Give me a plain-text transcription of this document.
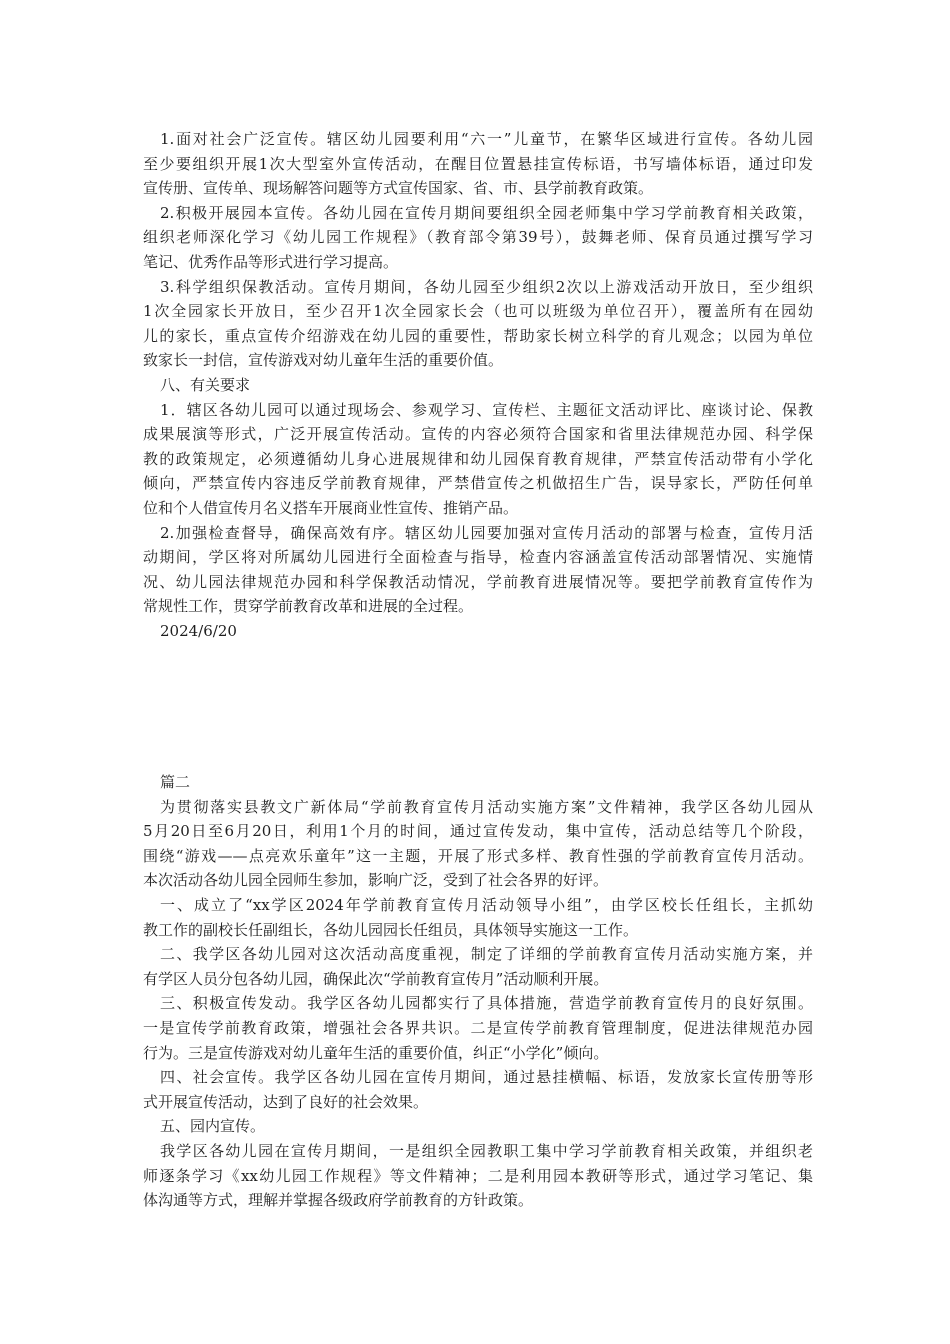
1.面对社会广泛宣传。辖区幼儿园要利用“六一”儿童节，在繁华区域进行宣传。各幼儿园
至少要组织开展1次大型室外宣传活动，在醒目位置悬挂宣传标语，书写墙体标语，通过印发
宣传册、宣传单、现场解答问题等方式宣传国家、省、市、县学前教育政策。
2.积极开展园本宣传。各幼儿园在宣传月期间要组织全园老师集中学习学前教育相关政策，
组织老师深化学习《幼儿园工作规程》（教育部令第39号），鼓舞老师、保育员通过撰写学习
笔记、优秀作品等形式进行学习提高。
3.科学组织保教活动。宣传月期间，各幼儿园至少组织2次以上游戏活动开放日，至少组织
1次全园家长开放日，至少召开1次全园家长会（也可以班级为单位召开），覆盖所有在园幼
儿的家长，重点宣传介绍游戏在幼儿园的重要性，帮助家长树立科学的育儿观念；以园为单位
致家长一封信，宣传游戏对幼儿童年生活的重要价值。
八、有关要求
1．辖区各幼儿园可以通过现场会、参观学习、宣传栏、主题征文活动评比、座谈讨论、保教
成果展演等形式，广泛开展宣传活动。宣传的内容必须符合国家和省里法律规范办园、科学保
教的政策规定，必须遵循幼儿身心进展规律和幼儿园保育教育规律，严禁宣传活动带有小学化
倾向，严禁宣传内容违反学前教育规律，严禁借宣传之机做招生广告，误导家长，严防任何单
位和个人借宣传月名义搭车开展商业性宣传、推销产品。
2.加强检查督导，确保高效有序。辖区幼儿园要加强对宣传月活动的部署与检查，宣传月活
动期间，学区将对所属幼儿园进行全面检查与指导，检查内容涵盖宣传活动部署情况、实施情
况、幼儿园法律规范办园和科学保教活动情况，学前教育进展情况等。要把学前教育宣传作为
常规性工作，贯穿学前教育改革和进展的全过程。
2024/6/20
篇二
为贯彻落实县教文广新体局“学前教育宣传月活动实施方案”文件精神，我学区各幼儿园从
5月20日至6月20日，利用1个月的时间，通过宣传发动，集中宣传，活动总结等几个阶段，
围绕“游戏——点亮欢乐童年”这一主题，开展了形式多样、教育性强的学前教育宣传月活动。
本次活动各幼儿园全园师生参加，影响广泛，受到了社会各界的好评。
一、成立了“xx学区2024年学前教育宣传月活动领导小组”，由学区校长任组长，主抓幼
教工作的副校长任副组长，各幼儿园园长任组员，具体领导实施这一工作。
二、我学区各幼儿园对这次活动高度重视，制定了详细的学前教育宣传月活动实施方案，并
有学区人员分包各幼儿园，确保此次“学前教育宣传月”活动顺利开展。
三、积极宣传发动。我学区各幼儿园都实行了具体措施，营造学前教育宣传月的良好氛围。
一是宣传学前教育政策，增强社会各界共识。二是宣传学前教育管理制度，促进法律规范办园
行为。三是宣传游戏对幼儿童年生活的重要价值，纠正“小学化”倾向。
四、社会宣传。我学区各幼儿园在宣传月期间，通过悬挂横幅、标语，发放家长宣传册等形
式开展宣传活动，达到了良好的社会效果。
五、园内宣传。
我学区各幼儿园在宣传月期间，一是组织全园教职工集中学习学前教育相关政策，并组织老
师逐条学习《xx幼儿园工作规程》等文件精神；二是利用园本教研等形式，通过学习笔记、集
体沟通等方式，理解并掌握各级政府学前教育的方针政策。
